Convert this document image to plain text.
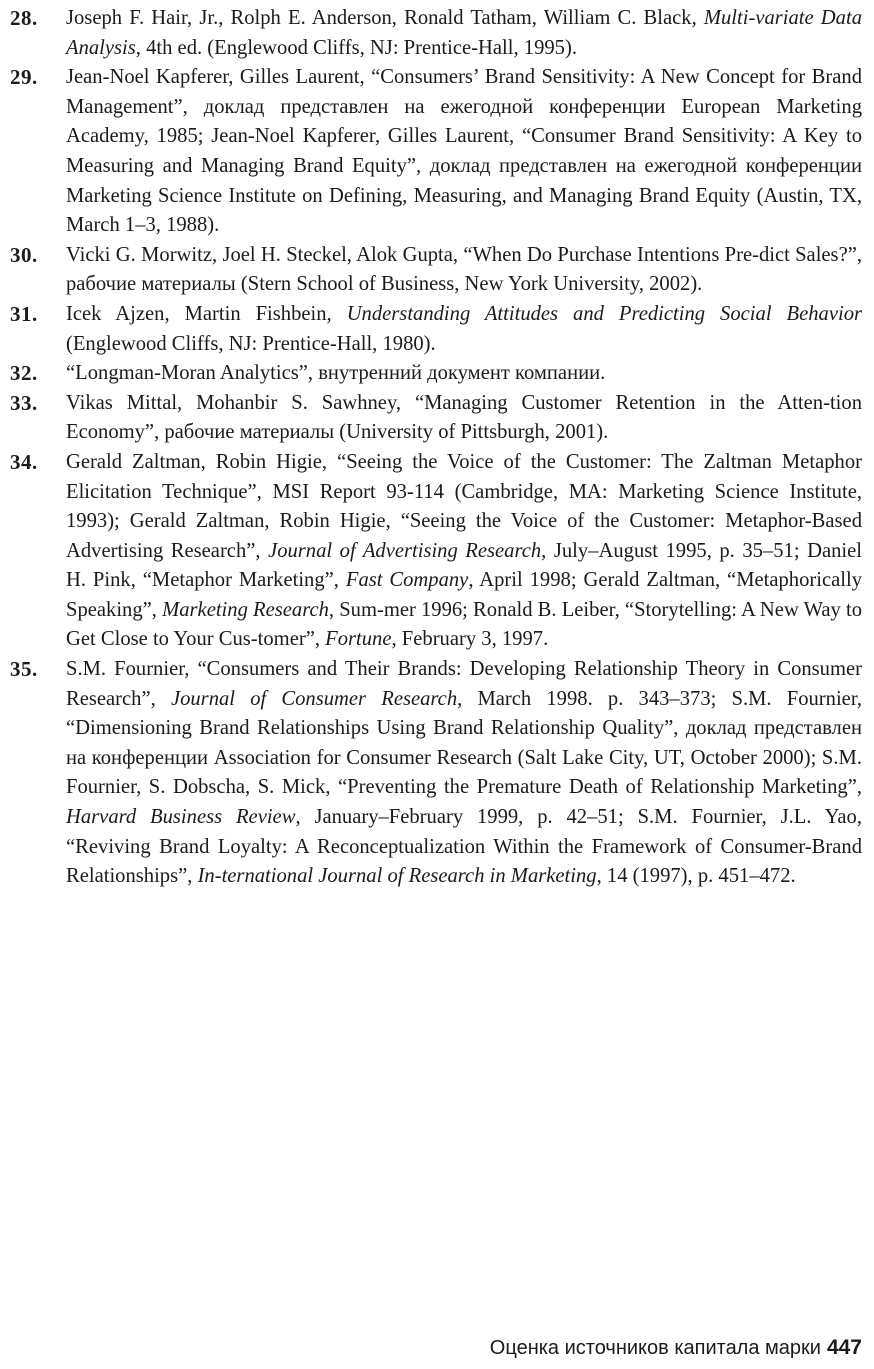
28.	Joseph F. Hair, Jr., Rolph E. Anderson, Ronald Tatham, William C. Black, Multi-variate Data Analysis, 4th ed. (Englewood Cliffs, NJ: Prentice-Hall, 1995).
29.	Jean-Noel Kapferer, Gilles Laurent, “Consumers’ Brand Sensitivity: A New Concept for Brand Management”, доклад представлен на ежегодной конференции European Marketing Academy, 1985; Jean-Noel Kapferer, Gilles Laurent, “Consumer Brand Sensitivity: A Key to Measuring and Managing Brand Equity”, доклад представлен на ежегодной конференции Marketing Science Institute on Defining, Measuring, and Managing Brand Equity (Austin, TX, March 1–3, 1988).
30.	Vicki G. Morwitz, Joel H. Steckel, Alok Gupta, “When Do Purchase Intentions Pre-dict Sales?”, рабочие материалы (Stern School of Business, New York University, 2002).
31.	Icek Ajzen, Martin Fishbein, Understanding Attitudes and Predicting Social Behavior (Englewood Cliffs, NJ: Prentice-Hall, 1980).
32.	“Longman-Moran Analytics”, внутренний документ компании.
33.	Vikas Mittal, Mohanbir S. Sawhney, “Managing Customer Retention in the Atten-tion Economy”, рабочие материалы (University of Pittsburgh, 2001).
34.	Gerald Zaltman, Robin Higie, “Seeing the Voice of the Customer: The Zaltman Metaphor Elicitation Technique”, MSI Report 93-114 (Cambridge, MA: Marketing Science Institute, 1993); Gerald Zaltman, Robin Higie, “Seeing the Voice of the Customer: Metaphor-Based Advertising Research”, Journal of Advertising Research, July–August 1995, p. 35–51; Daniel H. Pink, “Metaphor Marketing”, Fast Company, April 1998; Gerald Zaltman, “Metaphorically Speaking”, Marketing Research, Sum-mer 1996; Ronald B. Leiber, “Storytelling: A New Way to Get Close to Your Cus-tomer”, Fortune, February 3, 1997.
35.	S.M. Fournier, “Consumers and Their Brands: Developing Relationship Theory in Consumer Research”, Journal of Consumer Research, March 1998. p. 343–373; S.M. Fournier, “Dimensioning Brand Relationships Using Brand Relationship Quality”, доклад представлен на конференции Association for Consumer Research (Salt Lake City, UT, October 2000); S.M. Fournier, S. Dobscha, S. Mick, “Preventing the Premature Death of Relationship Marketing”, Harvard Business Review, January–February 1999, p. 42–51; S.M. Fournier, J.L. Yao, “Reviving Brand Loyalty: A Reconceptualization Within the Framework of Consumer-Brand Relationships”, In-ternational Journal of Research in Marketing, 14 (1997), p. 451–472.
Оценка источников капитала марки 447
